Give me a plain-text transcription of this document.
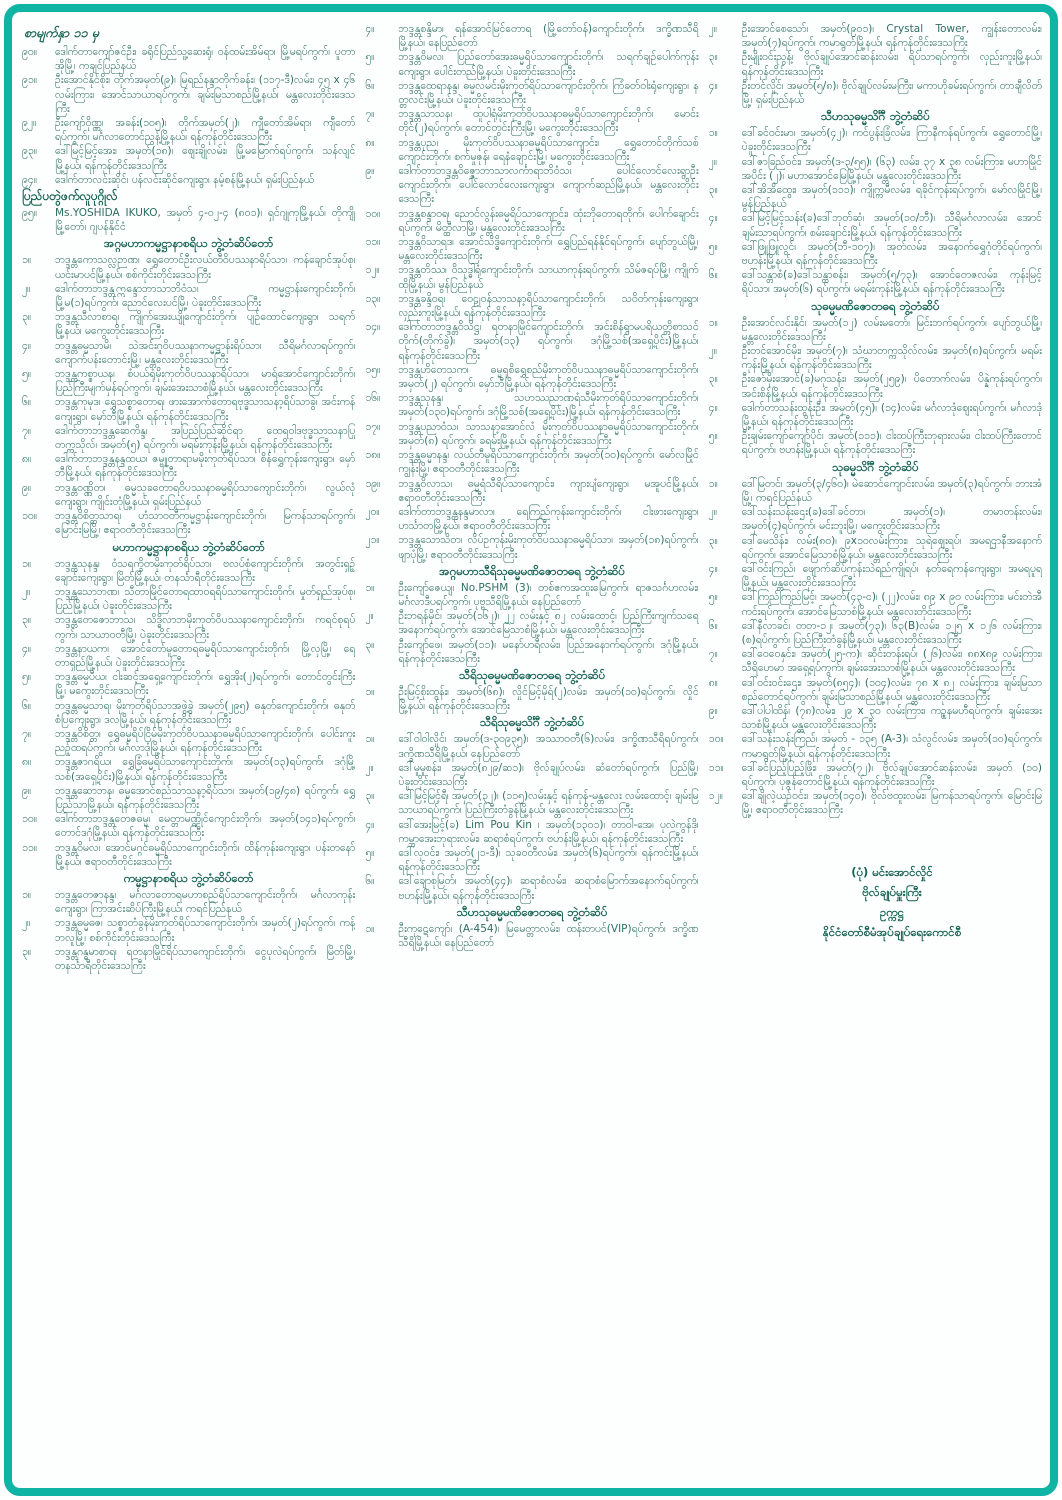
စာမျက်နှာ ၁၁ မှ
၉၀။	ဒေါက်တာကျော်ဇင်ဦး၊ ခရိုင်ပြည်သူ့ဆေးရုံ၊ ဝန်ထမ်းအိမ်ရာ၊ မြို့မရပ်ကွက်၊ ပူတာအိုမြို့၊ ကချင်ပြည်နယ်
၉၁။	ဦးအောင်နိုင်စိုး၊ တိုက်အမှတ်(၉)၊ မြရည်နန္ဒာတိုက်ခန်း၊ (၁၁၇-ဒီ)လမ်း၊ ၄၅ x ၄၆ လမ်းကြား၊ အောင်သာယာရပ်ကွက်၊ ချမ်းမြသာစည်မြို့နယ်၊ မန္တလေးတိုင်းဒေသကြီး
၉၂။	ဦးကျော်ဝိုဏ္ဏ၊ အခန်း(၁၀၅)၊ တိုက်အမှတ်(၂)၊ ကျီတော်အိမ်ရာ၊ ကျီတော်ရပ်ကွက်၊ မင်္ဂလာတောင်ညွန့်မြို့နယ်၊ ရန်ကုန်တိုင်းဒေသကြီး
၉၃။	ဒေါ်မြင့်မြင့်အေး၊ အမှတ်(၁၈)၊ ဈေးချိုလမ်း၊ မြို့မမြောက်ရပ်ကွက်၊ သန်လျင်မြို့နယ်၊ ရန်ကုန်တိုင်းဒေသကြီး
၉၄။	ဒေါက်တာလင်းဆိုင်၊ ပန်လင်းဆိုင်ကျေးရွာ၊ နမ့်စန်မြို့နယ်၊ ရှမ်းပြည်နယ်
ပြည်ပတွဲဖက်လူပုဂ္ဂိုလ်
၉၅။	Ms.YOSHIDA IKUKO, အမှတ် ၄-၀၂-၄ (၈၀၁)၊ ရှင်ဂျုကုမြို့နယ်၊ တိုကျိုမြို့တော်၊ ဂျပန်နိုင်ငံ
အဂ္ဂမဟာကမ္မဋ္ဌာနာစရိယ ဘွဲ့တံဆိပ်တော်
၁။	ဘဒ္ဒန္တကောသလ္လဉာဏ၊ ရွှေတောင်ဦးလယ်တီဝိပဿနာရိပ်သာ၊ ကန်ချောင်အုပ်စု၊ ယင်းမာပင်မြို့နယ်၊ စစ်ကိုင်းတိုင်းဒေသကြီး
၂။	ဒေါက်တာဘဒ္ဒန္တဣန္ဒောဘာသာဘိဝံသ၊ ကမ္မဋ္ဌာန်းကျောင်းတိုက်၊ မြို့မ(၁)ရပ်ကွက်၊ ညောင်လေးပင်မြို့၊ ပဲခူးတိုင်းဒေသကြီး
၃။	ဘဒ္ဒန္တသီလာစာရ၊ ကျိုက်အေးယျိုကျောင်းတိုက်၊ ပျဉ်ထောင်ကျေးရွာ၊ သရက်မြို့နယ်၊ မကွေးတိုင်းဒေသကြီး
၄။	ဘဒ္ဒန္တဓမ္မသာမိ၊ သဲအင်းဂူဝိပဿနာကမ္မဋ္ဌာန်းရိပ်သာ၊ သီရိမင်္ဂလာရပ်ကွက်၊ ကျောက်ပန်းတောင်းမြို့၊ မန္တလေးတိုင်းဒေသကြီး
၅။	ဘဒ္ဒန္တကစ္စာယန၊ စံပယ်ရုံမိုးကုတ်ဝိပဿနာရိပ်သာ၊ မာရ်အောင်ကျောင်းတိုက်၊ ပြည်ကြီးမျက်မှန်ရပ်ကွက်၊ ချမ်းအေးသာစံမြို့နယ်၊ မန္တလေးတိုင်းဒေသကြီး
၆။	ဘဒ္ဒန္တကုမုဒ၊ ရွှေသစ္စာတောရ၊ ဖားအောက်တောရဗုဒ္ဓသာသနာ့ရိပ်သာခွဲ၊ အင်းကန်ကျေးရွာ၊ မှော်ဘီမြို့နယ်၊ ရန်ကုန်တိုင်းဒေသကြီး
၇။	ဒေါက်တာဘဒ္ဒန္တဆေကိန္ဒ၊ အပြည်ပြည်ဆိုင်ရာ ထေရဝါဒဗုဒ္ဓသာသနာပြုတက္ကသိုလ်၊ အမှတ်(၅) ရပ်ကွက်၊ မရမ်းကုန်းမြို့နယ်၊ ရန်ကုန်တိုင်းဒေသကြီး
၈။	ဒေါက်တာဘဒ္ဒန္တနန္ဒထယ၊ ဇမ္ဗူတာရာမမိုးကုတ်ရိပ်သာ၊ စိန်ရွှေကုန်းကျေးရွာ၊ မှော်ဘီမြို့နယ်၊ ရန်ကုန်တိုင်းဒေသကြီး
၉။	ဘဒ္ဒန္တဝဏ္ဏိတ၊ ဓမ္မသုခတောရဝိပဿနာဓမ္မရိပ်သာကျောင်းတိုက်၊ လွယ်လုံကျေးရွာ၊ ကျိုင်းတုံမြို့နယ်၊ ရှမ်းပြည်နယ်
၁၀။	ဘဒ္ဒန္တဝိစိတ္တသာရ၊ ဟံသာဝတီကမ္မဋ္ဌာန်းကျောင်းတိုက်၊ မြကန်သာရပ်ကွက်၊ မြောင်းမြမြို့၊ ဧရာဝတီတိုင်းဒေသကြီး
မဟာကမ္မဋ္ဌာနာစရိယ ဘွဲ့တံဆိပ်တော်
၁။	ဘဒ္ဒန္တသုနန္ဒ၊ ဝံသရက္ခိတမိုးကုတ်ရိပ်သာ၊ ဗလပ်စုံကျောင်းတိုက်၊ အတွင်းရှဉ့်ချောင်းကျေးရွာ၊ မြိတ်မြို့နယ်၊ တနင်္သာရီတိုင်းဒေသကြီး
၂။	ဘဒ္ဒန္တသောဘဏ၊ သီတာမြိုင်တောရထာဝရရိပ်သာကျောင်းတိုက်၊ မှုတ်ရှည်အုပ်စု၊ ပြည်မြို့နယ်၊ ပဲခူးတိုင်းဒေသကြီး
၃။	ဘဒ္ဒန္တတေဇောဘာသ၊ သိဒ္ဓိလာဘမိုးကုတ်ဝိပဿနာကျောင်းတိုက်၊ ကရင်စုရပ်ကွက်၊ သာယာဝတီမြို့၊ ပဲခူးတိုင်းဒေသကြီး
၄။	ဘဒ္ဒန္တနာယက၊ အောင်တော်မူတောရဓမ္မရိပ်သာကျောင်းတိုက်၊ မြို့လှမြို့၊ ရေတာရှည်မြို့နယ်၊ ပဲခူးတိုင်းဒေသကြီး
၅။	ဘဒ္ဒန္တဓမ္မပီယ၊ ငါးဆင့်အရှေ့ကျောင်းတိုက်၊ ရွှေအိုး(၂)ရပ်ကွက်၊ တောင်တွင်းကြီးမြို့၊ မကွေးတိုင်းဒေသကြီး
၆။	ဘဒ္ဒန္တဓမ္မသာရ၊ မိုးကုတ်ရိပ်သာအဖွဲ့ခွဲ အမှတ်(၂၉၅) ဓနုတ်ကျောင်းတိုက်၊ ဓနုတ်စံပြကျေးရွာ၊ ဒလမြို့နယ်၊ ရန်ကုန်တိုင်းဒေသကြီး
၇။	ဘဒ္ဒန္တဝိစိတ္တ၊ ရွှေဓမ္မရိပ်ငြိမ်မိုးကုတ်ဝိပဿနာဓမ္မရိပ်သာကျောင်းတိုက်၊ ပေါင်းကူးညဉ့်ထရပ်ကွက်၊ မင်္ဂလာဒုံမြို့နယ်၊ ရန်ကုန်တိုင်းဒေသကြီး
၈။	ဘဒ္ဒန္တဇာဂရိယ၊ ရွှေခြံဓမ္မရိပ်သာကျောင်းတိုက်၊ အမှတ်(၁၃)ရပ်ကွက်၊ ဒဂုံမြို့သစ်(အရှေ့ပိုင်း)မြို့နယ်၊ ရန်ကုန်တိုင်းဒေသကြီး
၉။	ဘဒ္ဒန္တဆောဘန၊ ဓမ္မအောင်စည်သာသနာ့ရိပ်သာ၊ အမှတ်(၁၉/၄၈) ရပ်ကွက်၊ ရွှေပြည်သာမြို့နယ်၊ ရန်ကုန်တိုင်းဒေသကြီး
၁၀။	ဒေါက်တာဘဒ္ဒန္တတေဇဓမ္မ၊ မေတ္တာမဏ္ဍိုင်ကျောင်းတိုက်၊ အမှတ်(၁၄၁)ရပ်ကွက်၊ တောင်ဒဂုံမြို့နယ်၊ ရန်ကုန်တိုင်းဒေသကြီး
၁၁။	ဘဒ္ဒန္တဝိမလ၊ အောင်မဂ္ဂင်ဓမ္မရိပ်သာကျောင်းတိုက်၊ ထိန်ကုန်းကျေးရွာ၊ ပန်းတနော်မြို့နယ်၊ ဧရာဝတီတိုင်းဒေသကြီး
ကမ္မဋ္ဌာနာစရိယ ဘွဲ့တံဆိပ်တော်
၁။	ဘဒ္ဒန္တတေဇာနန္ဒ၊ မင်္ဂလာတောရမဟာစည်ရိပ်သာကျောင်းတိုက်၊ မင်္ဂလာကုန်းကျေးရွာ၊ ကြာအင်းဆိပ်ကြီးမြို့နယ်၊ ကရင်ပြည်နယ်
၂။	ဘဒ္ဒန္တဓမ္မဓဇ၊ သစ္စာတံခွန်မိုးကုတ်ရိပ်သာကျောင်းတိုက်၊ အမှတ်(၂)ရပ်ကွက်၊ ကန့်ဘလူမြို့၊ စစ်ကိုင်းတိုင်းဒေသကြီး
၃။	ဘဒ္ဒန္တဂန္ဓမာစာရ၊ ရတနာမြိုင်ရိပ်သာကျောင်းတိုက်၊ ငွေပုလဲရပ်ကွက်၊ မြိတ်မြို့၊ တနင်္သာရီတိုင်းဒေသကြီး
၄။	ဘဒ္ဒန္တစန္ဒိမာ၊ ရန်အောင်မြင်တောရ (မြို့တော်ဝန်)ကျောင်းတိုက်၊ ဒက္ခိဏသီရိမြို့နယ်၊ နေပြည်တော်
၅။	ဘဒ္ဒန္တဝိမလ၊ ပြည်တော်အေးဓမ္မရိပ်သာကျောင်းတိုက်၊ သရက်ချဉ်ပေါက်ကုန်းကျေးရွာ၊ ပေါင်းတည်မြို့နယ်၊ ပဲခူးတိုင်းဒေသကြီး
၆။	ဘဒ္ဒန္တထေရာနန္ဒ၊ ဓမ္မလမင်းမိုးကုတ်ရိပ်သာကျောင်းတိုက်၊ ကြံခတ်ဝါးရုံကျေးရွာ၊ နတ္တလင်းမြို့နယ်၊ ပဲခူးတိုင်းဒေသကြီး
၇။	ဘဒ္ဒန္တသာသန၊ ထူပါရုံမိုးကုတ်ဝိပဿနာဓမ္မရိပ်သာကျောင်းတိုက်၊ မောင်းတိုင်(၂)ရပ်ကွက်၊ တောင်တွင်းကြီးမြို့၊ မကွေးတိုင်းဒေသကြီး
၈။	ဘဒ္ဒန္တပုည၊ မိုးကုတ်ဝိပဿနာဓမ္မရိပ်သာကျောင်း၊ ရွှေတောင်တိုက်သစ်ကျောင်းတိုက်၊ စက်မှုဇုန်၊ ရေနံချောင်းမြို့၊ မကွေးတိုင်းဒေသကြီး
၉။	ဒေါက်တာဘဒ္ဒန္တဝိဇ္ဇောဘာသာလင်္ကာရာဘိဝံသ၊ ပေါင်လောင်လေးရွာဦးကျောင်းတိုက်၊ ပေါင်လောင်လေးကျေးရွာ၊ ကျောက်ဆည်မြို့နယ်၊ မန္တလေးတိုင်းဒေသကြီး
၁၀။	ဘဒ္ဒန္တစန္ဒာဝရ၊ ညောင်လွန်းဓမ္မရိပ်သာကျောင်း၊ ထုံးဘိုတောရတိုက်၊ ပေါက်ချောင်းရပ်ကွက်၊ မိတ္ထီလာမြို့၊ မန္တလေးတိုင်းဒေသကြီး
၁၁။	ဘဒ္ဒန္တဝိသာရဒ၊ အောင်သိဒ္ဓိကျောင်းတိုက်၊ ရွှေပြည်ရန်နိုင်ရပ်ကွက်၊ ပျော်ဘွယ်မြို့၊ မန္တလေးတိုင်းဒေသကြီး
၁၂။	ဘဒ္ဒန္တတိဿ၊ ဝိသုဒ္ဓါရုံကျောင်းတိုက်၊ သာယာကုန်းရပ်ကွက်၊ သိမ်ဇရပ်မြို့၊ ကျိုက်ထိုမြို့နယ်၊ မွန်ပြည်နယ်
၁၃။	ဘဒ္ဒန္တခန္ဒိဝရ၊ ဝေဠုဝန်သာသနာ့ရိပ်သာကျောင်းတိုက်၊ သဝိတ်ကုန်းကျေးရွာ၊ လှည်းကူးမြို့နယ်၊ ရန်ကုန်တိုင်းဒေသကြီး
၁၄။	ဒေါက်တာဘဒ္ဒန္တဝိသိဋ္ဌ၊ ရတနာမြိုင်ကျောင်းတိုက်၊ အင်းစိန်ရွာမပရိယတ္တိစာသင်တိုက်(တိုက်ခွဲ)၊ အမှတ်(၁၃) ရပ်ကွက်၊ ဒဂုံမြို့သစ်(အရှေ့ပိုင်း)မြို့နယ်၊ ရန်ကုန်တိုင်းဒေသကြီး
၁၅။	ဘဒ္ဒန္တဟိတေသက၊ ဓမ္မရုစိရွှေစည်မိုးကုတ်ဝိပဿနာဓမ္မရိပ်သာကျောင်းတိုက်၊ အမှတ်(၂) ရပ်ကွက်၊ မှော်ဘီမြို့နယ်၊ ရန်ကုန်တိုင်းဒေသကြီး
၁၆။	ဘဒ္ဒန္တသုနန္ဒ၊ သဟဿညာဏရံသီမိုးကုတ်ရိပ်သာကျောင်းတိုက်၊ အမှတ်(၁၃၀)ရပ်ကွက်၊ ဒဂုံမြို့သစ်(အရှေ့ပိုင်း)မြို့နယ်၊ ရန်ကုန်တိုင်းဒေသကြီး
၁၇။	ဘဒ္ဒန္တပညာဝံသ၊ သာသနာ့အောင်လံ မိုးကုတ်ဝိပဿနာဓမ္မရိပ်သာကျောင်းတိုက်၊ အမှတ်(၈) ရပ်ကွက်၊ ခရမ်းမြို့နယ်၊ ရန်ကုန်တိုင်းဒေသကြီး
၁၈။	ဘဒ္ဒန္တဓမ္မာနန္ဒ၊ လယ်တီမူရိပ်သာကျောင်းတိုက်၊ အမှတ်(၁၀)ရပ်ကွက်၊ မော်လမြိုင်ကျွန်းမြို့၊ ဧရာဝတီတိုင်းဒေသကြီး
၁၉။	ဘဒ္ဒန္တဝိလာသ၊ ဓမ္မရံသီရိပ်သာကျောင်း၊ ကျားပျံကျေးရွာ၊ မအူပင်မြို့နယ်၊ ဧရာဝတီတိုင်းဒေသကြီး
၂၀။	ဒေါက်တာဘဒ္ဒန္တနန္ဒမာလာ၊ ရေကြည်ကုန်းကျောင်းတိုက်၊ ငါးဖားကျေးရွာ၊ ဟင်္သာတမြို့နယ်၊ ဧရာဝတီတိုင်းဒေသကြီး
၂၁။	ဘဒ္ဒန္တသောသိတ၊ လိပ်ဥကုန်းမိုးကုတ်ဝိပဿနာဓမ္မရိပ်သာ၊ အမှတ်(၁၈)ရပ်ကွက်၊ ဖျာပုံမြို့၊ ဧရာဝတီတိုင်းဒေသကြီး
အဂ္ဂမဟာသီရိသုဓမ္မမဏိဇောတဓရ ဘွဲ့တံဆိပ်
၁။	ဦးကျော်ဇေယျ၊ No.PSHM (3)၊ တစ်ဧကအထူးမြေကွက်၊ ရာဇသင်္ဂဟလမ်း၊ မင်္ဂလာဒီပရပ်ကွက်၊ ပုဗ္ဗသီရိမြို့နယ်၊ နေပြည်တော်
၂။	ဦးဘရန်မိုင်၊ အမှတ်(၁၆၂)၊ ၂၂ လမ်းနှင့် ၈၂ လမ်းထောင့်၊ ပြည်ကြီးကျက်သရေအနောက်ရပ်ကွက်၊ အောင်မြေသာစံမြို့နယ်၊ မန္တလေးတိုင်းဒေသကြီး
၃။	ဦးကျော်ဖေ၊ အမှတ်(၁၁)၊ မနော်ဟရီလမ်း၊ ပြည်အနောက်ရပ်ကွက်၊ ဒဂုံမြို့နယ်၊ ရန်ကုန်တိုင်းဒေသကြီး
သီရိသုဓမ္မမဏိဇောတဓရ ဘွဲ့တံဆိပ်
၁။	ဦးမြင့်စိုးထွန်း၊ အမှတ်(၆၈)၊ လှိုင်မြင့်မိုရ်(၂)လမ်း၊ အမှတ်(၁၀)ရပ်ကွက်၊ လှိုင်မြို့နယ်၊ ရန်ကုန်တိုင်းဒေသကြီး
သီရိသုဓမ္မသိင်္ဂီ ဘွဲ့တံဆိပ်
၁။	ဒေါ်ဝါဝါလှိုင်၊ အမှတ်(ဒ-၃၀၉၃၅)၊ အဿာဝတီ(၆)လမ်း၊ ဒက္ခိဏသီရိရပ်ကွက်၊ ဒက္ခိဏသီရိမြို့နယ်၊ နေပြည်တော်
၂။	ဒေါ်မူမူစန်း၊ အမှတ်(၈၂၉/ဆ၁)၊ ဗိုလ်ချုပ်လမ်း၊ ဆံတော်ရပ်ကွက်၊ ပြည်မြို့၊ ပဲခူးတိုင်းဒေသကြီး
၃။	ဒေါ်မြင့်မြင့်ရီ၊ အမှတ်(၃၂)၊ (၁၁၅)လမ်းနှင့် ရန်ကုန်-မန္တလေး လမ်းထောင့်၊ ချမ်းမြသာယာရပ်ကွက်၊ ပြည်ကြီးတံခွန်မြို့နယ်၊ မန္တလေးတိုင်းဒေသကြီး
၄။	ဒေါ်အေးမြင့်(ခ) Lim Pou Kin ၊ အမှတ်(၁၃၀၁)၊ တာဝါ-အေ၊ ပုလဲကွန်ဒို၊ ကမ္ဘာအေးဘုရားလမ်း၊ ဆရာစံရပ်ကွက်၊ ဗဟန်းမြို့နယ်၊ ရန်ကုန်တိုင်းဒေသကြီး
၅။	ဒေါ်လှဝင်း၊ အမှတ်(၂၁-ဒီ)၊ သုခဝတီလမ်း၊ အမှတ်(၆)ရပ်ကွက်၊ ရန်ကင်းမြို့နယ်၊ ရန်ကုန်တိုင်းဒေသကြီး
၆။	ဒေါ်ချောစုမြတ်၊ အမှတ်(၄၄)၊ ဆရာစံလမ်း၊ ဆရာစံမြောက်အနောက်ရပ်ကွက်၊ ဗဟန်းမြို့နယ်၊ ရန်ကုန်တိုင်းဒေသကြီး
သီဟသုဓမ္မမဏိဇောတဓရ ဘွဲ့တံဆိပ်
၁။	ဦးကုဋေကျော်၊ (A-454)၊ မြမေတ္တာလမ်း၊ ထန်းတပင်(VIP)ရပ်ကွက်၊ ဒက္ခိဏသီရိမြို့နယ်၊ နေပြည်တော်
၂။	ဦးအောင်စေသော်၊ အမှတ်(၉၀၁)၊ Crystal Tower, ကျွန်းတောလမ်း၊ အမှတ်(၇)ရပ်ကွက်၊ ကမာရွတ်မြို့နယ်၊ ရန်ကုန်တိုင်းဒေသကြီး
၃။	ဦးမျိုးဝင်းညွန့်၊ ဗိုလ်ချုပ်အောင်ဆန်းလမ်း၊ ရိပ်သာရပ်ကွက်၊ လှည်းကူးမြို့နယ်၊ ရန်ကုန်တိုင်းဒေသကြီး
၄။	ဦးတင်လှိုင်၊ အမှတ်(၅/၈)၊ ဗိုလ်ချုပ်လမ်းမကြီး၊ မကာဟိုခမ်းရပ်ကွက်၊ တာချီလိတ်မြို့၊ ရှမ်းပြည်နယ်
သီဟသုဓမ္မသိင်္ဂီ ဘွဲ့တံဆိပ်
၁။	ဒေါ်ခင်ဝင်းမာ၊ အမှတ်(၄၂)၊ ကင်ပွန်းခြံလမ်း၊ ကြာနီကန်ရပ်ကွက်၊ ရွှေတောင်မြို့၊ ပဲခူးတိုင်းဒေသကြီး
၂။	ဒေါ်ဇာခြည်ဝင်း၊ အမှတ်(ဒ-၃/၅၅)၊ (၆၃) လမ်း၊ ၃၇ x ၃၈ လမ်းကြား၊ မဟာမြိုင်အပိုင်း (၂)၊ မဟာအောင်မြေမြို့နယ်၊ မန္တလေးတိုင်းဒေသကြီး
၃။	ဒေါ်အိအိထွေး၊ အမှတ်(၁၁၁)၊ ကျိုက္ကမီလမ်း၊ ရခိုင်ကုန်းရပ်ကွက်၊ မော်လမြိုင်မြို့၊ မွန်ပြည်နယ်
၄။	ဒေါ်မြင့်မြင့်သန်း(ခ)ဒေါ်ဘုတ်ဆုံ၊ အမှတ်(၁၀/ဘီ)၊ သီရိမင်္ဂလာလမ်း၊ အောင်ချမ်းသာရပ်ကွက်၊ စမ်းချောင်းမြို့နယ်၊ ရန်ကုန်တိုင်းဒေသကြီး
၅။	ဒေါ်ဖြူဖြူလွင်၊ အမှတ်(ဘီ-၁၀၇)၊ အုတ်လမ်း၊ အနောက်ရွှေဂုံတိုင်ရပ်ကွက်၊ ဗဟန်းမြို့နယ်၊ ရန်ကုန်တိုင်းဒေသကြီး
၆။	ဒေါ်သန္တာစံ(ခ)ဒေါ်သန္တာစန်း၊ အမှတ်(၅/၇၃)၊ အောင်တေဇလမ်း၊ ကုန်းမြင့်ရိပ်သာ၊ အမှတ်(၆) ရပ်ကွက်၊ မရမ်းကုန်းမြို့နယ်၊ ရန်ကုန်တိုင်းဒေသကြီး
သုဓမ္မမဏိဇောတဓရ ဘွဲ့တံဆိပ်
၁။	ဦးအောင်လင်းနိုင်၊ အမှတ်(၁၂) လမ်းမတော်၊ မြင်းဘက်ရပ်ကွက်၊ ပျော်ဘွယ်မြို့၊ မန္တလေးတိုင်းဒေသကြီး
၂။	ဦးတင်အောင်မိုး၊ အမှတ်(၇)၊ သံဃာတက္ကသိုလ်လမ်း၊ အမှတ်(၈)ရပ်ကွက်၊ မရမ်းကုန်းမြို့နယ်၊ ရန်ကုန်တိုင်းဒေသကြီး
၃။	ဦးဇော်မိုးအောင်(ခ)မဂုသန်း၊ အမှတ်(၂၅၉)၊ ပိတောက်လမ်း၊ ပိန္နဲကုန်းရပ်ကွက်၊ အင်းစိန်မြို့နယ်၊ ရန်ကုန်တိုင်းဒေသကြီး
၄။	ဒေါက်တာသန်းထွန်းဦး၊ အမှတ်(၄၅)၊ (၁၄)လမ်း၊ မင်္ဂလာဒုံဈေးရပ်ကွက်၊ မင်္ဂလာဒုံမြို့နယ်၊ ရန်ကုန်တိုင်းဒေသကြီး
၅။	ဦးချမ်းကျော်ကျော်ပိုင်၊ အမှတ်(၁၁၁)၊ ငါးထပ်ကြီးဘုရားလမ်း၊ ငါးထပ်ကြီးတောင်ရပ်ကွက်၊ ဗဟန်းမြို့နယ်၊ ရန်ကုန်တိုင်းဒေသကြီး
သုဓမ္မသိင်္ဂီ ဘွဲ့တံဆိပ်
၁။	ဒေါ်မြတင်၊ အမှတ်(၃/၄၆၀)၊ မဲဆောင်ကျောင်းလမ်း၊ အမှတ်(၃)ရပ်ကွက်၊ ဘားအံမြို့၊ ကရင်ပြည်နယ်
၂။	ဒေါ်သန်းသန်းဌေး(ခ)ဒေါ်ခင်တာ၊ အမှတ်(၁)၊ တမာတန်းလမ်း၊ အမှတ်(၄)ရပ်ကွက်၊ မင်းဘူးမြို့၊ မကွေးတိုင်းဒေသကြီး
၃။	ဒေါ်မေသိန်း၊ လမ်း(၈၀)၊ ၉x၁၀လမ်းကြား၊ သုရဲဈေးရပ်၊ အမရဌာနီအနောက်ရပ်ကွက်၊ အောင်မြေသာစံမြို့နယ်၊ မန္တလေးတိုင်းဒေသကြီး
၄။	ဒေါ်ဝင်းကြည်၊ ဖျောက်ဆိပ်ကုန်းသဲရည်ကျိုရပ်၊ နတ်ရေကန်ကျေးရွာ၊ အမရပူရမြို့နယ်၊ မန္တလေးတိုင်းဒေသကြီး
၅။	ဒေါ်ကြည်ကြည်မြင့်၊ အမှတ်(၄၃-င)၊ (၂၂)လမ်း၊ ၈၉ x ၉၀ လမ်းကြား၊ မင်းတဲအီကင်းရပ်ကွက်၊ အောင်မြေသာစံမြို့နယ်၊ မန္တလေးတိုင်းဒေသကြီး
၆။	ဒေါ်နီလာခင်၊ တတ-၁၂၊ အမှတ်(၇၃)၊ ၆၃(B)လမ်း၊ ၁၂၅ x ၁၂၆ လမ်းကြား၊ (စ)ရပ်ကွက်၊ ပြည်ကြီးတံခွန်မြို့နယ်၊ မန္တလေးတိုင်းဒေသကြီး
၇။	ဒေါ်ဝေဝေနှင်း၊ အမှတ်(၂၅-က)၊ ဆိုင်းတန်းရပ်၊ (၂၆)လမ်း၊ ၈၈x၈၉ လမ်းကြား၊ သီရိဟေမာ အရှေ့ရပ်ကွက်၊ ချမ်းအေးသာစံမြို့နယ်၊ မန္တလေးတိုင်းဒေသကြီး
၈။	ဒေါ်ဝင်းဝင်းဌေး၊ အမှတ်(၈၅၄)၊ (၁၀၄)လမ်း၊ ၇၈ x ၈၂ လမ်းကြား၊ ချမ်းမြသာစည်တောင်ရပ်ကွက်၊ ချမ်းမြသာစည်မြို့နယ်၊ မန္တလေးတိုင်းဒေသကြီး
၉။	ဒေါ်ပါပါထိန်၊ (၇၈)လမ်း၊ ၂၉ x ၃၀ လမ်းကြား၊ ကဥ္စနမဟီရပ်ကွက်၊ ချမ်းအေးသာစံမြို့နယ်၊ မန္တလေးတိုင်းဒေသကြီး
၁၀။	ဒေါ်သန်းသန်းကြည်၊ အမှတ် - ၁၃၅ (A-3)၊ သံလွင်လမ်း၊ အမှတ်(၁၀)ရပ်ကွက်၊ ကမာရွတ်မြို့နယ်၊ ရန်ကုန်တိုင်းဒေသကြီး
၁၁။	ဒေါ်ခင်ပြည့်ပြည့်ဖြိုး၊ အမှတ်(၇၂)၊ ဗိုလ်ချုပ်အောင်ဆန်းလမ်း၊ အမှတ် (၁၀) ရပ်ကွက်၊ ပုဇွန်တောင်မြို့နယ်၊ ရန်ကုန်တိုင်းဒေသကြီး
၁၂။	ဒေါ်ချိုလဲ့ယဉ်ဝင်း၊ အမှတ်(၁၄၀)၊ ဗိုလ်ဗထူးလမ်း၊ မြကန်သာရပ်ကွက်၊ မြောင်းမြမြို့၊ ဧရာဝတီတိုင်းဒေသကြီး
(ပုံ) မင်းအောင်လှိုင်
ဗိုလ်ချုပ်မှူးကြီး
ဥက္ကဋ္ဌ
နိုင်ငံတော်စီမံအုပ်ချုပ်ရေးကောင်စီ
